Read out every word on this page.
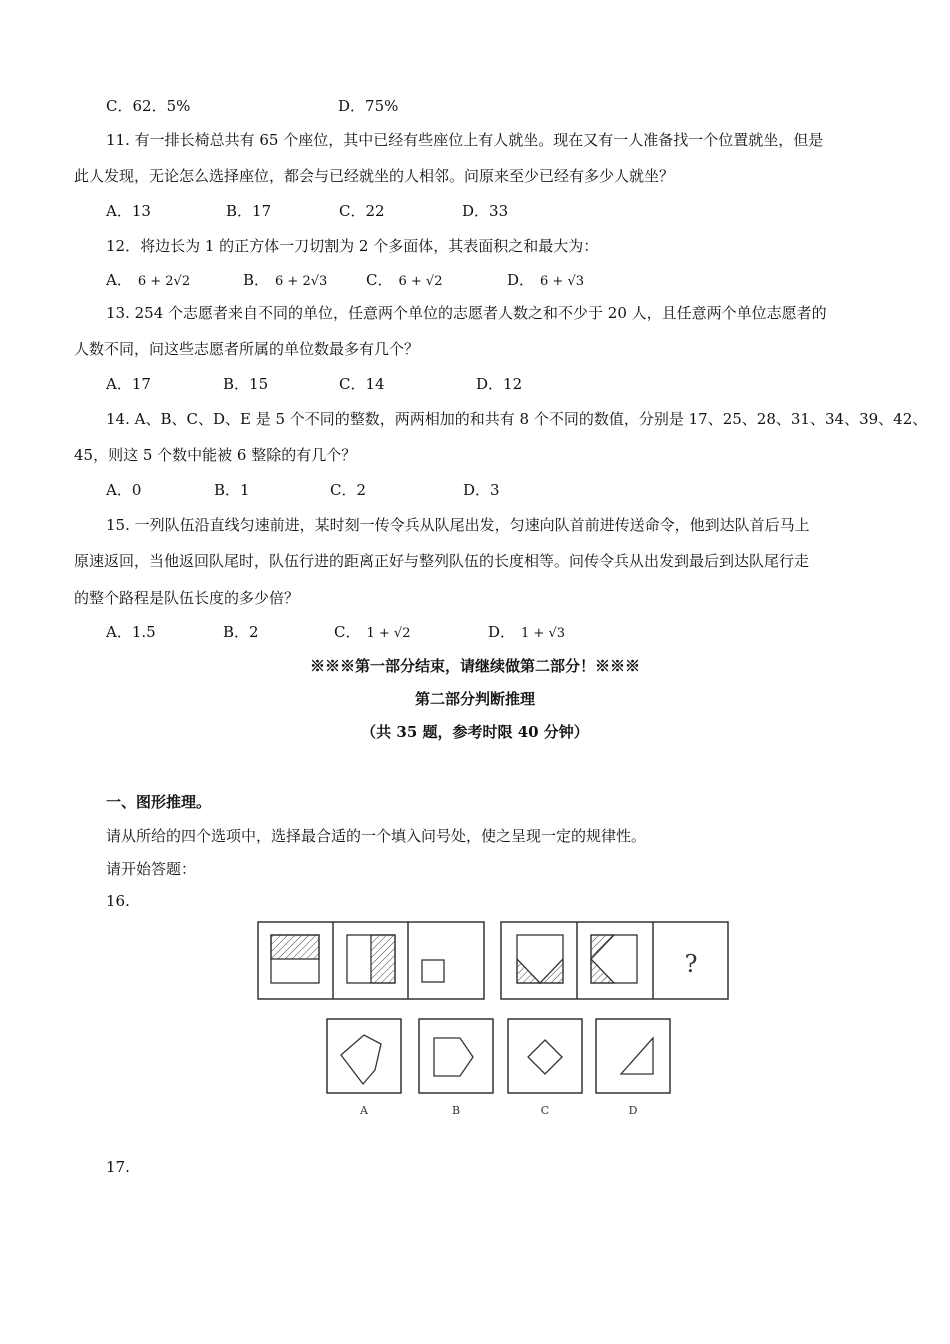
C．62．5%	D．75%
11. 有一排长椅总共有 65 个座位，其中已经有些座位上有人就坐。现在又有一人准备找一个位置就坐，但是
此人发现，无论怎么选择座位，都会与已经就坐的人相邻。问原来至少已经有多少人就坐？
A．13	B．17	C．22	D．33
12．将边长为 1 的正方体一刀切割为 2 个多面体，其表面积之和最大为：
A． 6 + 2√2	B． 6 + 2√3	C． 6 + √2	D． 6 + √3
13. 254 个志愿者来自不同的单位，任意两个单位的志愿者人数之和不少于 20 人，且任意两个单位志愿者的
人数不同，问这些志愿者所属的单位数最多有几个？
A．17	B．15	C．14	D．12
14. A、B、C、D、E 是 5 个不同的整数，两两相加的和共有 8 个不同的数值，分别是 17、25、28、31、34、39、42、
45，则这 5 个数中能被 6 整除的有几个？
A．0	B．1	C．2	D．3
15. 一列队伍沿直线匀速前进，某时刻一传令兵从队尾出发，匀速向队首前进传送命令，他到达队首后马上
原速返回，当他返回队尾时，队伍行进的距离正好与整列队伍的长度相等。问传令兵从出发到最后到达队尾行走
的整个路程是队伍长度的多少倍？
A．1.5	B．2	C． 1 + √2	D． 1 + √3
※※※第一部分结束，请继续做第二部分！※※※
第二部分判断推理
（共 35 题，参考时限 40 分钟）
一、图形推理。
请从所给的四个选项中，选择最合适的一个填入问号处，使之呈现一定的规律性。
请开始答题：
16.
?
A	B	C	D
17.
